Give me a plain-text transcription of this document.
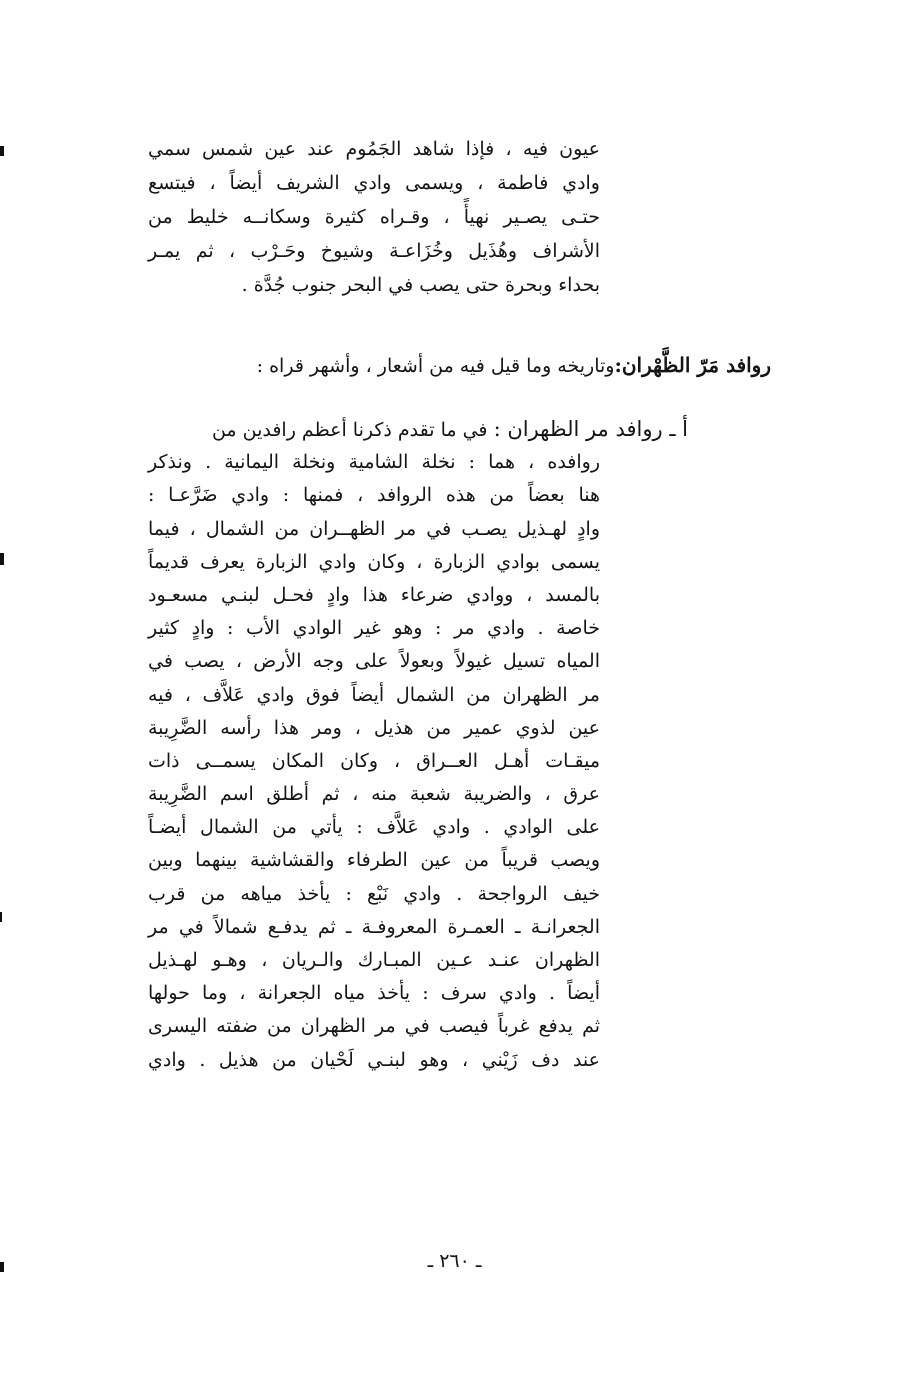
عيون فيه ، فإذا شاهد الجَمُوم عند عين شمس سمي
وادي فاطمة ، ويسمى وادي الشريف أيضاً ، فيتسع
حتـى يصـير نهيأً ، وقـراه كثيرة وسكانــه خليط من
الأشراف وهُذَيل وخُزَاعـة وشيوخ وحَـرْب ، ثم يمـر
بحداء وبحرة حتى يصب في البحر جنوب جُدَّة .
روافد مَرّ الظَّهْران:وتاريخه وما قيل فيه من أشعار ، وأشهر قراه :
أ ـ روافد مر الظهران : في ما تقدم ذكرنا أعظم رافدين من
روافده ، هما : نخلة الشامية ونخلة اليمانية . ونذكر
هنا بعضاً من هذه الروافد ، فمنها : وادي ضَرَّعـا :
وادٍ لهـذيل يصـب في مر الظهــران من الشمال ، فيما
يسمى بوادي الزبارة ، وكان وادي الزبارة يعرف قديماً
بالمسد ، ووادي ضرعاء هذا وادٍ فحـل لبنـي مسعـود
خاصة . وادي مر : وهو غير الوادي الأب : وادٍ كثير
المياه تسيل غيولاً وبعولاً على وجه الأرض ، يصب في
مر الظهران من الشمال أيضاً فوق وادي عَلاَّف ، فيه
عين لذوي عمير من هذيل ، ومر هذا رأسه الضَّرِيبة
ميقـات أهـل العــراق ، وكان المكان يسمــى ذات
عرق ، والضريبة شعبة منه ، ثم أطلق اسم الضَّرِيبة
على الوادي . وادي عَلاَّف : يأتي من الشمال أيضـاً
ويصب قريباً من عين الطرفاء والقشاشية بينهما وبين
خيف الرواجحة . وادي نَبْع : يأخذ مياهه من قرب
الجعرانـة ـ العمـرة المعروفـة ـ ثم يدفـع شمالاً في مر
الظهران عنـد عـين المبـارك والـريان ، وهـو لهـذيل
أيضاً . وادي سرف : يأخذ مياه الجعرانة ، وما حولها
ثم يدفع غرباً فيصب في مر الظهران من ضفته اليسرى
عند دف زَيْني ، وهو لبنـي لَحْيان من هذيل . وادي
ـ ٢٦٠ ـ
